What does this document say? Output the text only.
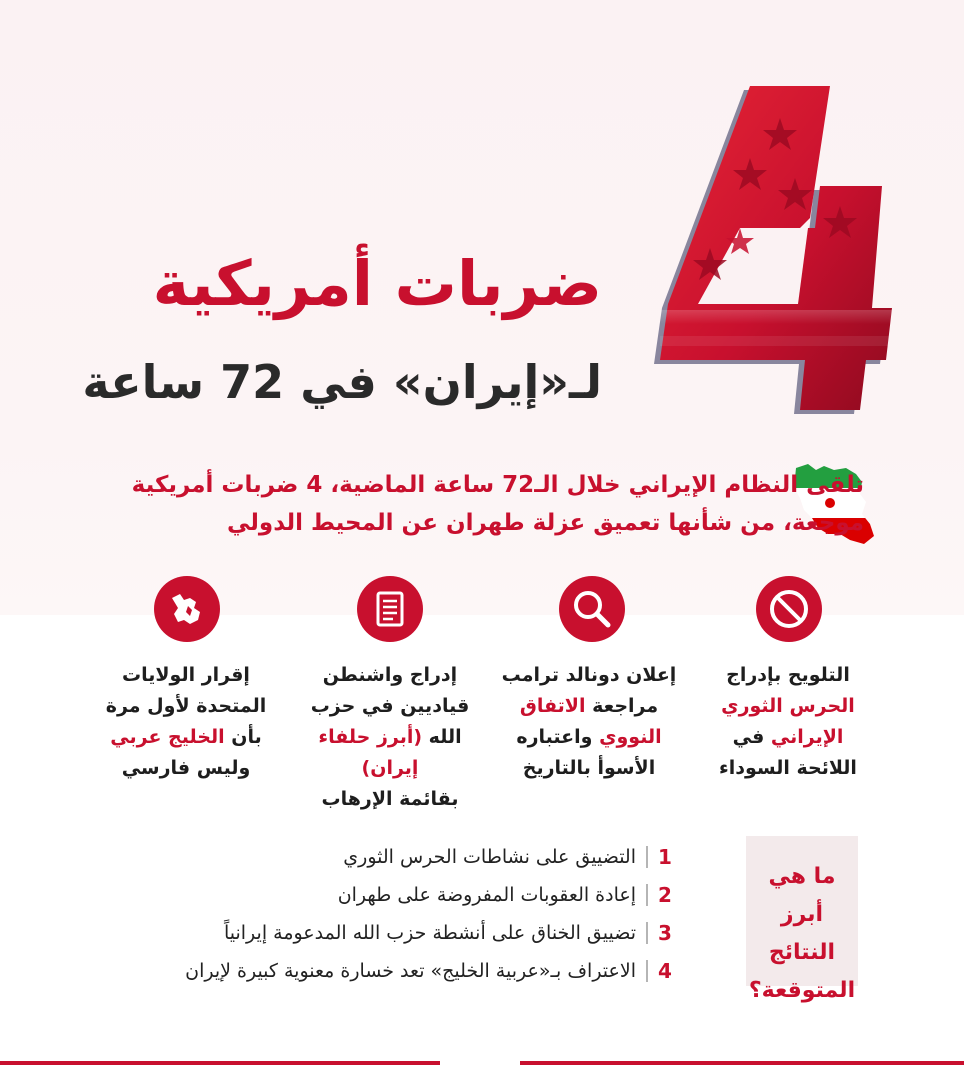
ضربات أمريكية
لـ«إيران» في 72 ساعة

تلقى النظام الإيراني خلال الـ72 ساعة الماضية، 4 ضربات أمريكية
موجعة، من شأنها تعميق عزلة طهران عن المحيط الدولي

التلويح بإدراج
الحرس الثوري
الإيراني في
اللائحة السوداء

إعلان دونالد ترامب
مراجعة الاتفاق
النووي واعتباره
الأسوأ بالتاريخ

إدراج واشنطن
قياديين في حزب
الله (أبرز حلفاء إيران)
بقائمة الإرهاب

إقرار الولايات
المتحدة لأول مرة
بأن الخليج عربي
وليس فارسي

ما هي
أبرز النتائج
المتوقعة؟

1
التضييق على نشاطات الحرس الثوري
2
إعادة العقوبات المفروضة على طهران
3
تضييق الخناق على أنشطة حزب الله المدعومة إيرانياً
4
الاعتراف بـ«عربية الخليج» تعد خسارة معنوية كبيرة لإيران
